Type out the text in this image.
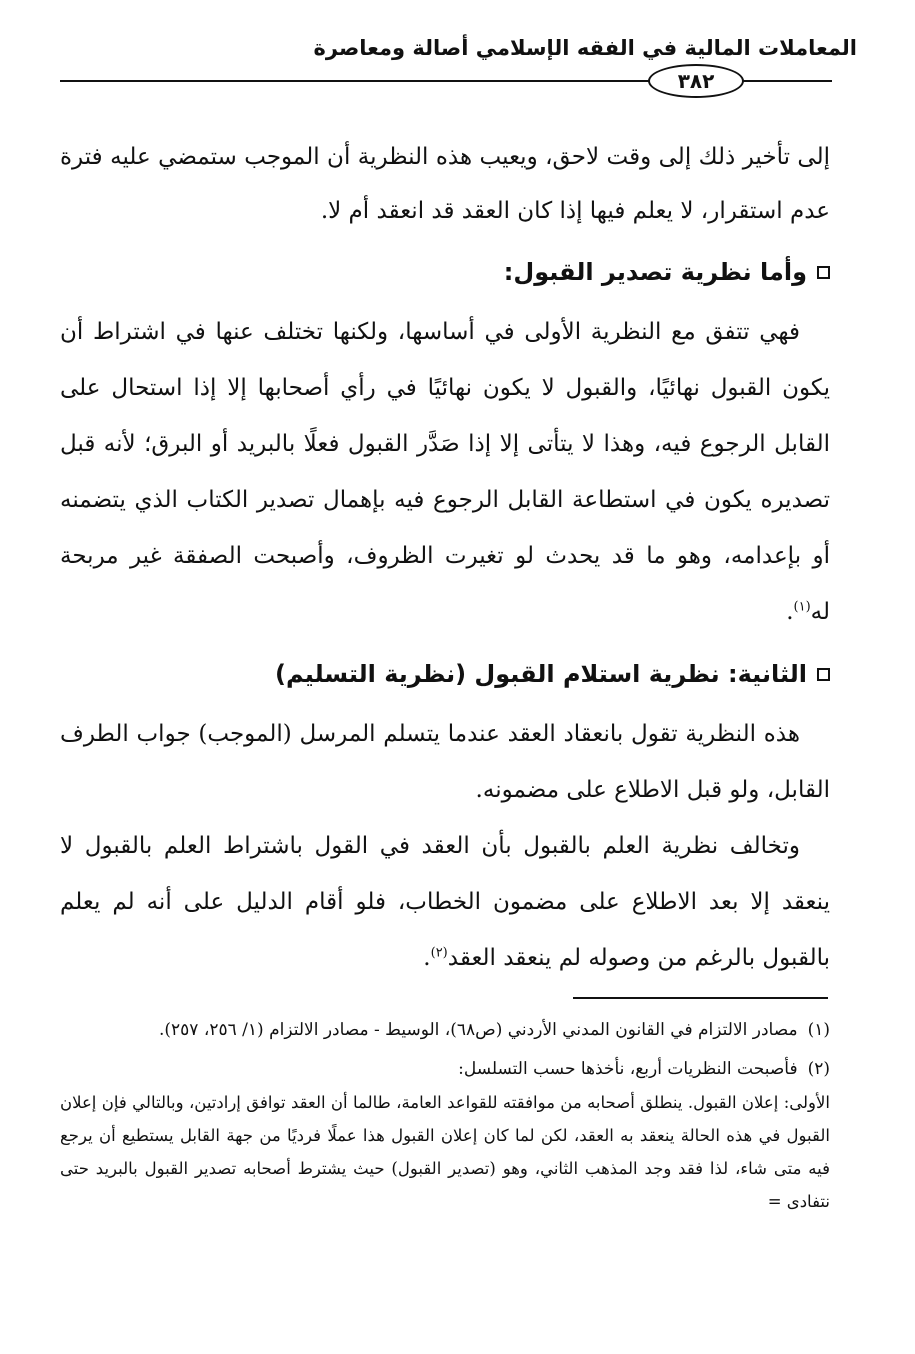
المعاملات المالية في الفقه الإسلامي أصالة ومعاصرة
٣٨٢

إلى تأخير ذلك إلى وقت لاحق، ويعيب هذه النظرية أن الموجب ستمضي عليه فترة عدم استقرار، لا يعلم فيها إذا كان العقد قد انعقد أم لا.

وأما نظرية تصدير القبول:

فهي تتفق مع النظرية الأولى في أساسها، ولكنها تختلف عنها في اشتراط أن يكون القبول نهائيًا، والقبول لا يكون نهائيًا في رأي أصحابها إلا إذا استحال على القابل الرجوع فيه، وهذا لا يتأتى إلا إذا صَدَّر القبول فعلًا بالبريد أو البرق؛ لأنه قبل تصديره يكون في استطاعة القابل الرجوع فيه بإهمال تصدير الكتاب الذي يتضمنه أو بإعدامه، وهو ما قد يحدث لو تغيرت الظروف، وأصبحت الصفقة غير مربحة له$^{(١)}$.

الثانية: نظرية استلام القبول (نظرية التسليم)

هذه النظرية تقول بانعقاد العقد عندما يتسلم المرسل (الموجب) جواب الطرف القابل، ولو قبل الاطلاع على مضمونه.

وتخالف نظرية العلم بالقبول بأن العقد في القول باشتراط العلم بالقبول لا ينعقد إلا بعد الاطلاع على مضمون الخطاب، فلو أقام الدليل على أنه لم يعلم بالقبول بالرغم من وصوله لم ينعقد العقد$^{(٢)}$.

(١)مصادر الالتزام في القانون المدني الأردني (ص٦٨)، الوسيط - مصادر الالتزام (١/ ٢٥٦، ٢٥٧).

(٢)فأصبحت النظريات أربع، نأخذها حسب التسلسل:

الأولى: إعلان القبول. ينطلق أصحابه من موافقته للقواعد العامة، طالما أن العقد توافق إرادتين، وبالتالي فإن إعلان القبول في هذه الحالة ينعقد به العقد، لكن لما كان إعلان القبول هذا عملًا فرديًا من جهة القابل يستطيع أن يرجع فيه متى شاء، لذا فقد وجد المذهب الثاني، وهو (تصدير القبول) حيث يشترط أصحابه تصدير القبول بالبريد حتى نتفادى =
